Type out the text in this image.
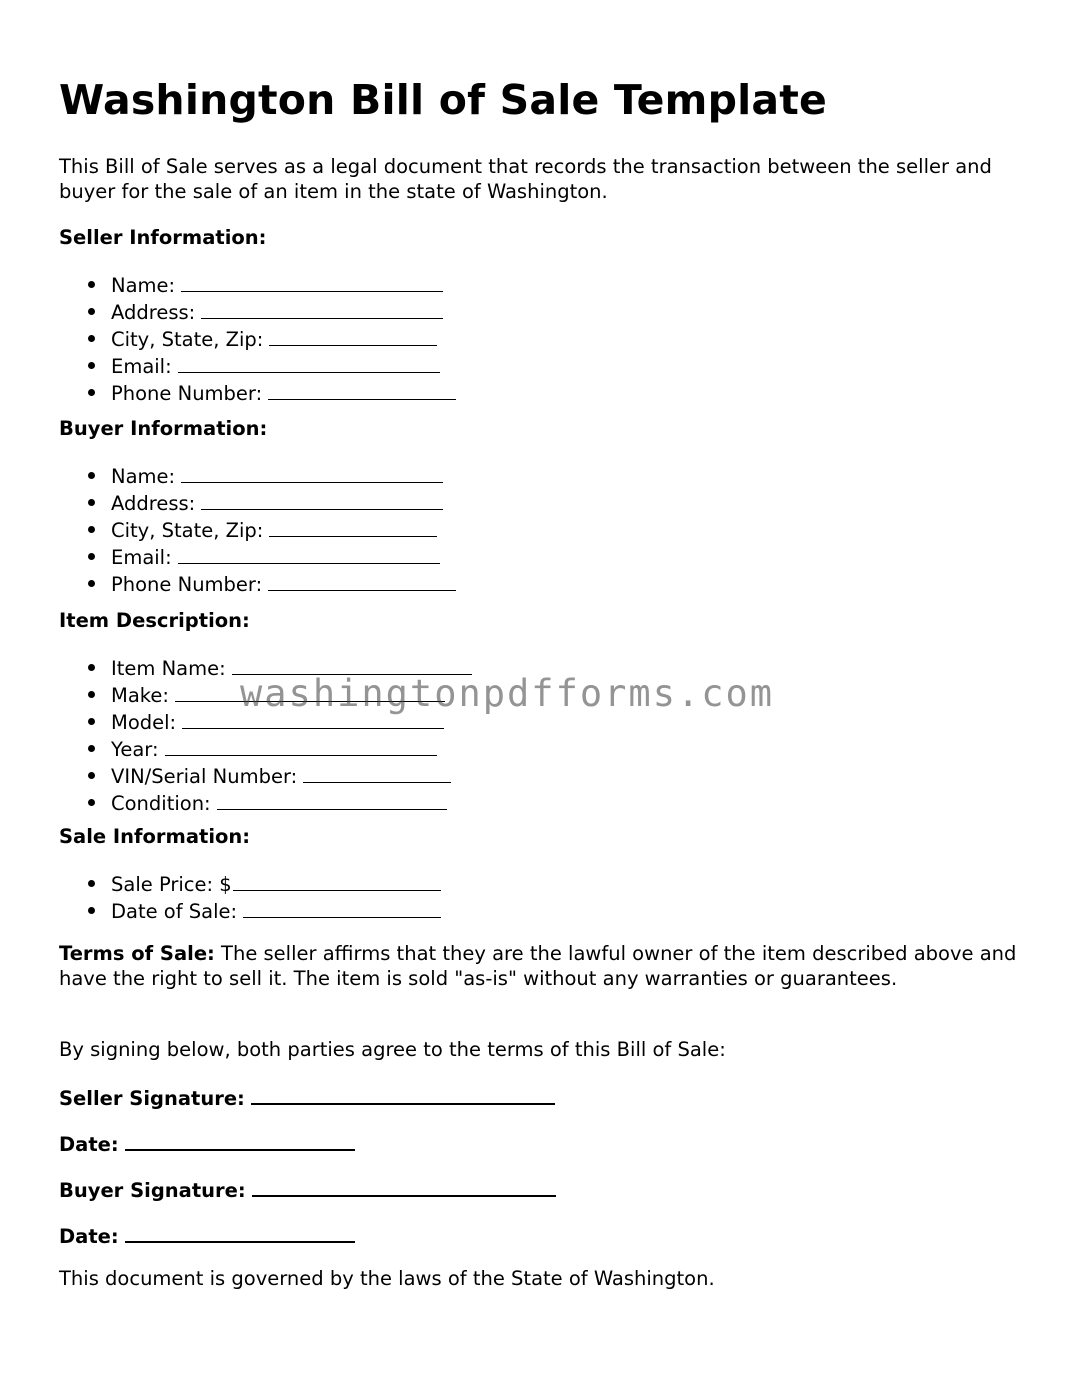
Washington Bill of Sale Template
This Bill of Sale serves as a legal document that records the transaction between the seller and buyer for the sale of an item in the state of Washington.
Seller Information:
Name:
Address:
City, State, Zip:
Email:
Phone Number:
Buyer Information:
Name:
Address:
City, State, Zip:
Email:
Phone Number:
Item Description:
Item Name:
Make:
Model:
Year:
VIN/Serial Number:
Condition:
Sale Information:
Sale Price: $
Date of Sale:
Terms of Sale: The seller affirms that they are the lawful owner of the item described above and have the right to sell it. The item is sold "as-is" without any warranties or guarantees.
By signing below, both parties agree to the terms of this Bill of Sale:
Seller Signature:
Date:
Buyer Signature:
Date:
This document is governed by the laws of the State of Washington.
washingtonpdfforms.com
